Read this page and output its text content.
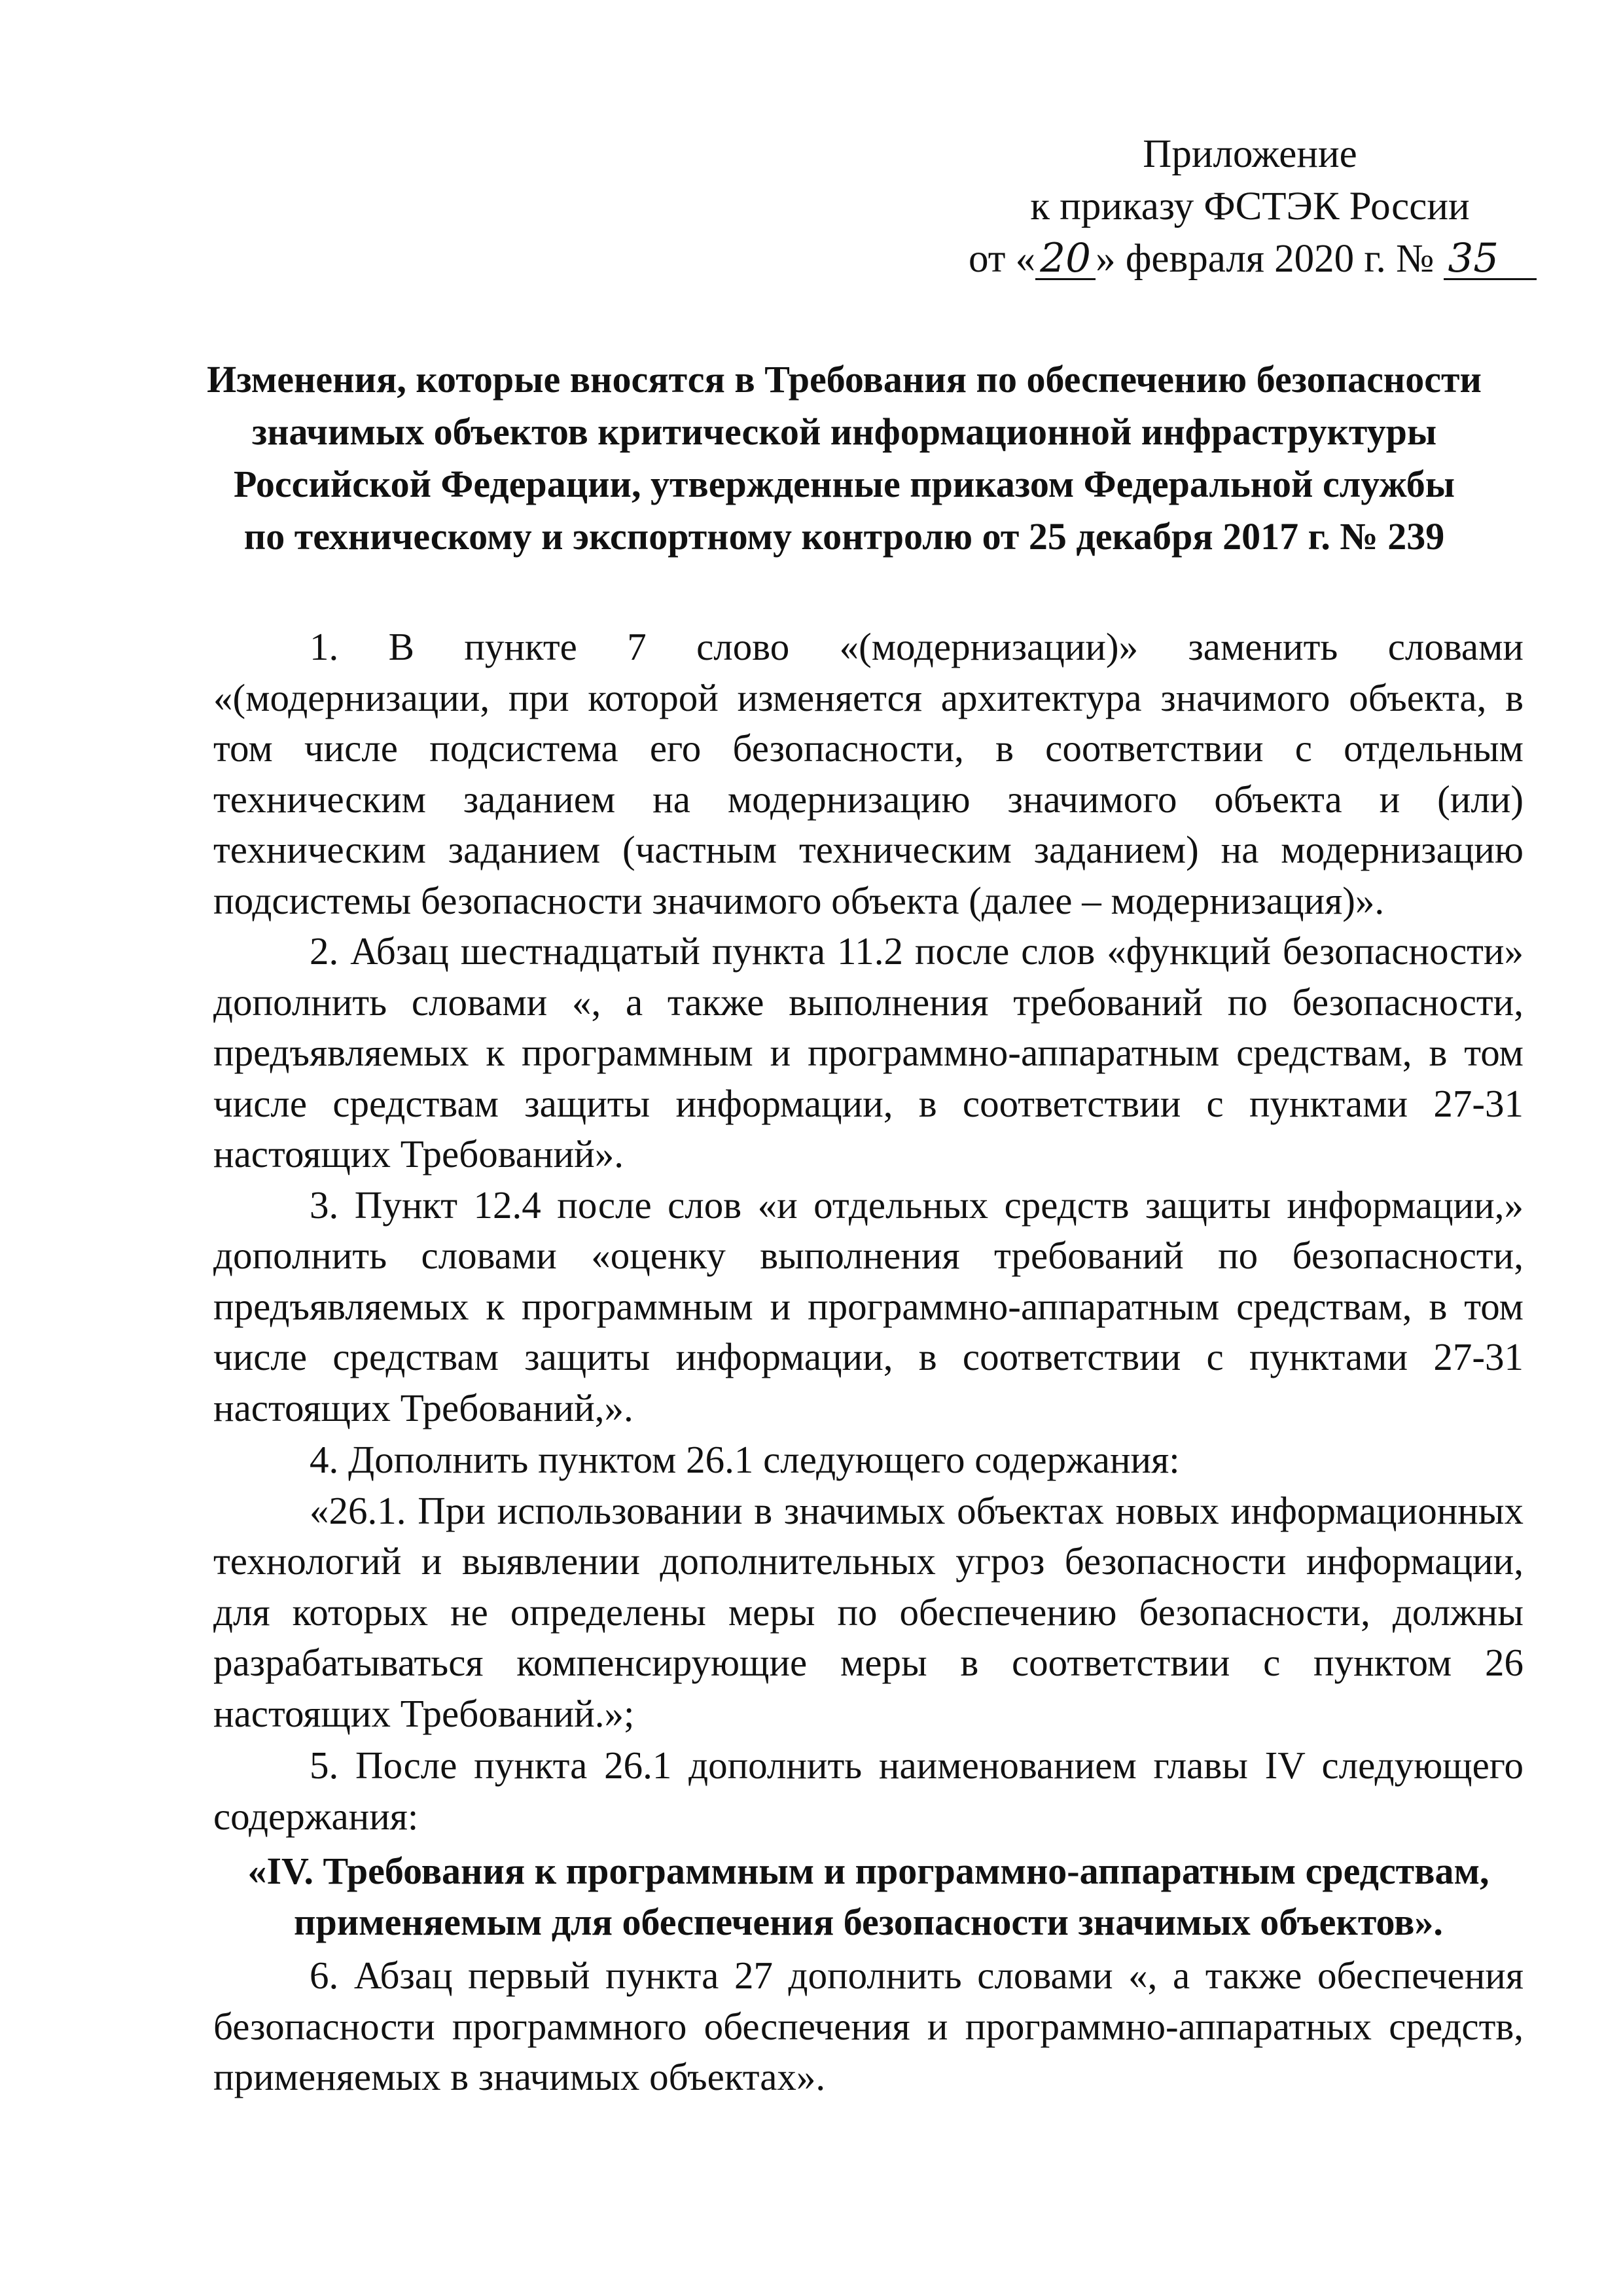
Приложение
к приказу ФСТЭК России
от « 20 » февраля 2020 г. № 35
Изменения, которые вносятся в Требования по обеспечению безопасности
значимых объектов критической информационной инфраструктуры
Российской Федерации, утвержденные приказом Федеральной службы
по техническому и экспортному контролю от 25 декабря 2017 г. № 239

1. В пункте 7 слово «(модернизации)» заменить словами «(модернизации, при которой изменяется архитектура значимого объекта, в том числе подсистема его безопасности, в соответствии с отдельным техническим заданием на модернизацию значимого объекта и (или) техническим заданием (частным техническим заданием) на модернизацию подсистемы безопасности значимого объекта (далее – модернизация)».

2. Абзац шестнадцатый пункта 11.2 после слов «функций безопасности» дополнить словами «, а также выполнения требований по безопасности, предъявляемых к программным и программно-аппаратным средствам, в том числе средствам защиты информации, в соответствии с пунктами 27-31 настоящих Требований».

3. Пункт 12.4 после слов «и отдельных средств защиты информации,» дополнить словами «оценку выполнения требований по безопасности, предъявляемых к программным и программно-аппаратным средствам, в том числе средствам защиты информации, в соответствии с пунктами 27-31 настоящих Требований,».

4. Дополнить пунктом 26.1 следующего содержания:

«26.1. При использовании в значимых объектах новых информационных технологий и выявлении дополнительных угроз безопасности информации, для которых не определены меры по обеспечению безопасности, должны разрабатываться компенсирующие меры в соответствии с пунктом 26 настоящих Требований.»;

5. После пункта 26.1 дополнить наименованием главы IV следующего содержания:

«IV. Требования к программным и программно-аппаратным средствам,
применяемым для обеспечения безопасности значимых объектов».

6. Абзац первый пункта 27 дополнить словами «, а также обеспечения безопасности программного обеспечения и программно-аппаратных средств, применяемых в значимых объектах».
